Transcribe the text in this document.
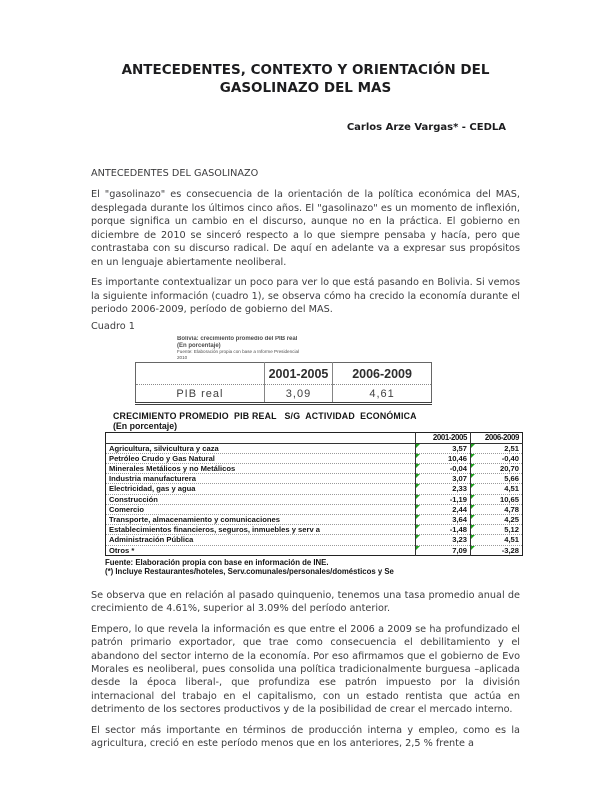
ANTECEDENTES, CONTEXTO Y ORIENTACIÓN DEL
GASOLINAZO DEL MAS
Carlos Arze Vargas* - CEDLA
ANTECEDENTES DEL GASOLINAZO
El "gasolinazo" es consecuencia de la orientación de la política económica del MAS, desplegada durante los últimos cinco años. El "gasolinazo" es un momento de inflexión, porque significa un cambio en el discurso, aunque no en la práctica. El gobierno en diciembre de 2010 se sinceró respecto a lo que siempre pensaba y hacía, pero que contrastaba con su discurso radical. De aquí en adelante va a expresar sus propósitos en un lenguaje abiertamente neoliberal.
Es importante contextualizar un poco para ver lo que está pasando en Bolivia. Si vemos la siguiente información (cuadro 1), se observa cómo ha crecido la economía durante el periodo 2006-2009, período de gobierno del MAS.
Cuadro 1
Bolivia: crecimiento promedio del PIB real
(En porcentaje)
Fuente: Elaboración propia con base a Informe Presidencial
2010
	2001-2005	2006-2009
PIB real	3,09	4,61
CRECIMIENTO PROMEDIO  PIB REAL   S/G  ACTIVIDAD  ECONÓMICA
(En porcentaje)
	2001-2005	2006-2009
Agricultura, silvicultura y caza	3,57	2,51
Petróleo Crudo y Gas Natural	10,46	-0,40
Minerales Metálicos y no Metálicos	-0,04	20,70
Industria manufacturera	3,07	5,66
Electricidad, gas y agua	2,33	4,51
Construcción	-1,19	10,65
Comercio	2,44	4,78
Transporte, almacenamiento y comunicaciones	3,64	4,25
Establecimientos financieros, seguros, inmuebles y serv a	-1,48	5,12
Administración Pública	3,23	4,51
Otros *	7,09	-3,28
Fuente: Elaboración propia con base en información de INE.
(*) Incluye Restaurantes/hoteles, Serv.comunales/personales/domésticos y Se
Se observa que en relación al pasado quinquenio, tenemos una tasa promedio anual de crecimiento de 4.61%, superior al 3.09% del período anterior.
Empero, lo que revela la información es que entre el 2006 a 2009 se ha profundizado el patrón primario exportador, que trae como consecuencia el debilitamiento y el abandono del sector interno de la economía. Por eso afirmamos que el gobierno de Evo Morales es neoliberal, pues consolida una política tradicionalmente burguesa –aplicada desde la época liberal-, que profundiza ese patrón impuesto por la división internacional del trabajo en el capitalismo, con un estado rentista que actúa en detrimento de los sectores productivos y de la posibilidad de crear el mercado interno.
El sector más importante en términos de producción interna y empleo, como es la agricultura, creció en este período menos que en los anteriores, 2,5 % frente a
